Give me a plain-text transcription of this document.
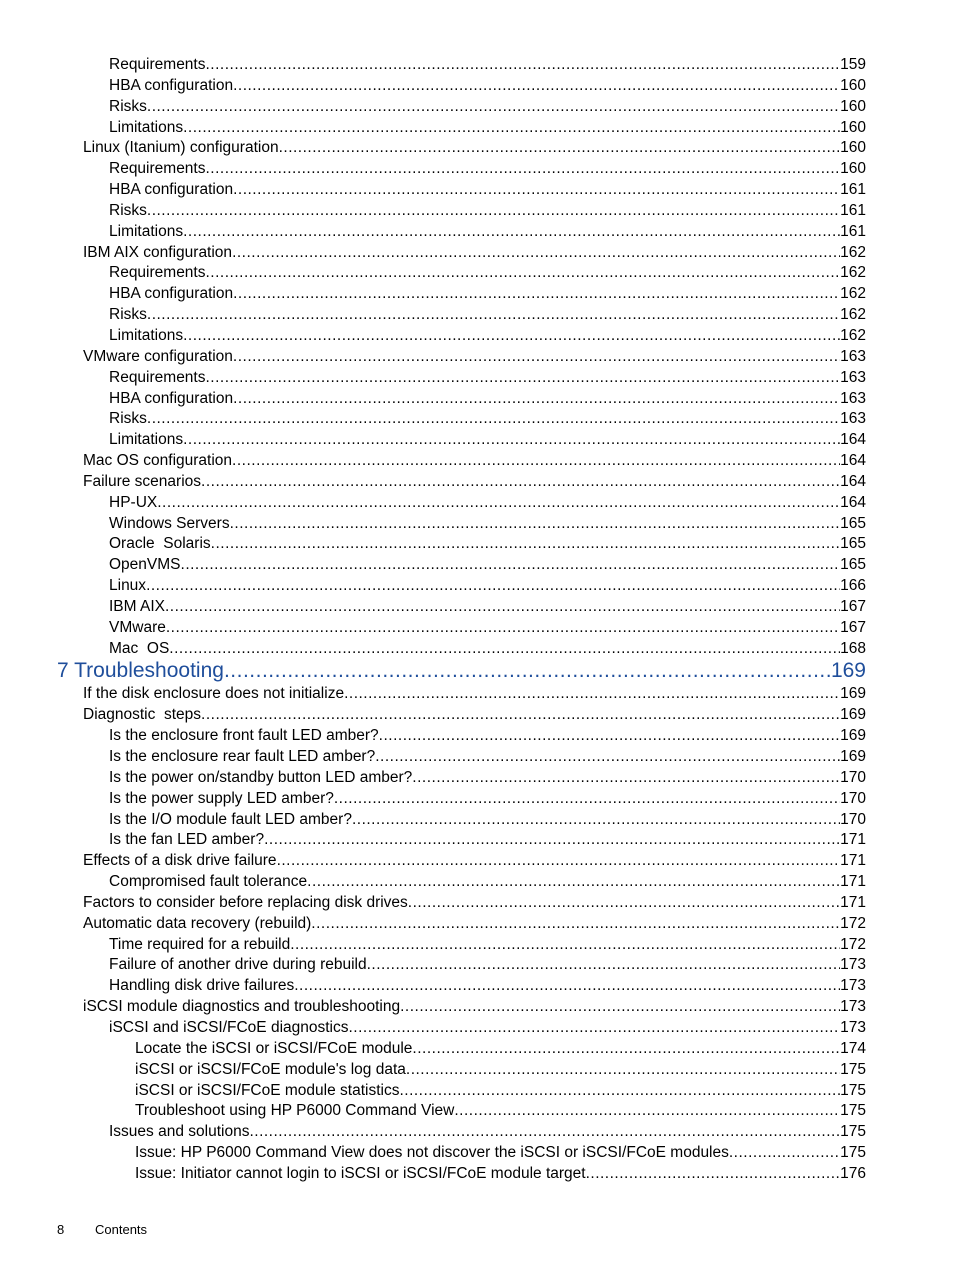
Requirements .....	159
HBA configuration .....	160
Risks .....	160
Limitations .....	160
Linux (Itanium) configuration .....	160
Requirements .....	160
HBA configuration .....	161
Risks .....	161
Limitations .....	161
IBM AIX configuration .....	162
Requirements .....	162
HBA configuration .....	162
Risks .....	162
Limitations .....	162
VMware configuration .....	163
Requirements .....	163
HBA configuration .....	163
Risks .....	163
Limitations .....	164
Mac OS configuration .....	164
Failure scenarios .....	164
HP-UX .....	164
Windows Servers .....	165
Oracle  Solaris .....	165
OpenVMS .....	165
Linux .....	166
IBM AIX .....	167
VMware .....	167
Mac  OS .....	168
7 Troubleshooting .....	169
If the disk enclosure does not initialize .....	169
Diagnostic  steps .....	169
Is the enclosure front fault LED amber? .....	169
Is the enclosure rear fault LED amber? .....	169
Is the power on/standby button LED amber? .....	170
Is the power supply LED amber? .....	170
Is the I/O module fault LED amber? .....	170
Is the fan LED amber? .....	171
Effects of a disk drive failure .....	171
Compromised fault tolerance .....	171
Factors to consider before replacing disk drives .....	171
Automatic data recovery (rebuild) .....	172
Time required for a rebuild .....	172
Failure of another drive during rebuild .....	173
Handling disk drive failures .....	173
iSCSI module diagnostics and troubleshooting .....	173
iSCSI and iSCSI/FCoE diagnostics .....	173
Locate the iSCSI or iSCSI/FCoE module .....	174
iSCSI or iSCSI/FCoE module's log data .....	175
iSCSI or iSCSI/FCoE module statistics .....	175
Troubleshoot using HP P6000 Command View .....	175
Issues and solutions .....	175
Issue: HP P6000 Command View does not discover the iSCSI or iSCSI/FCoE modules .....	175
Issue: Initiator cannot login to iSCSI or iSCSI/FCoE module target .....	176
8 Contents
